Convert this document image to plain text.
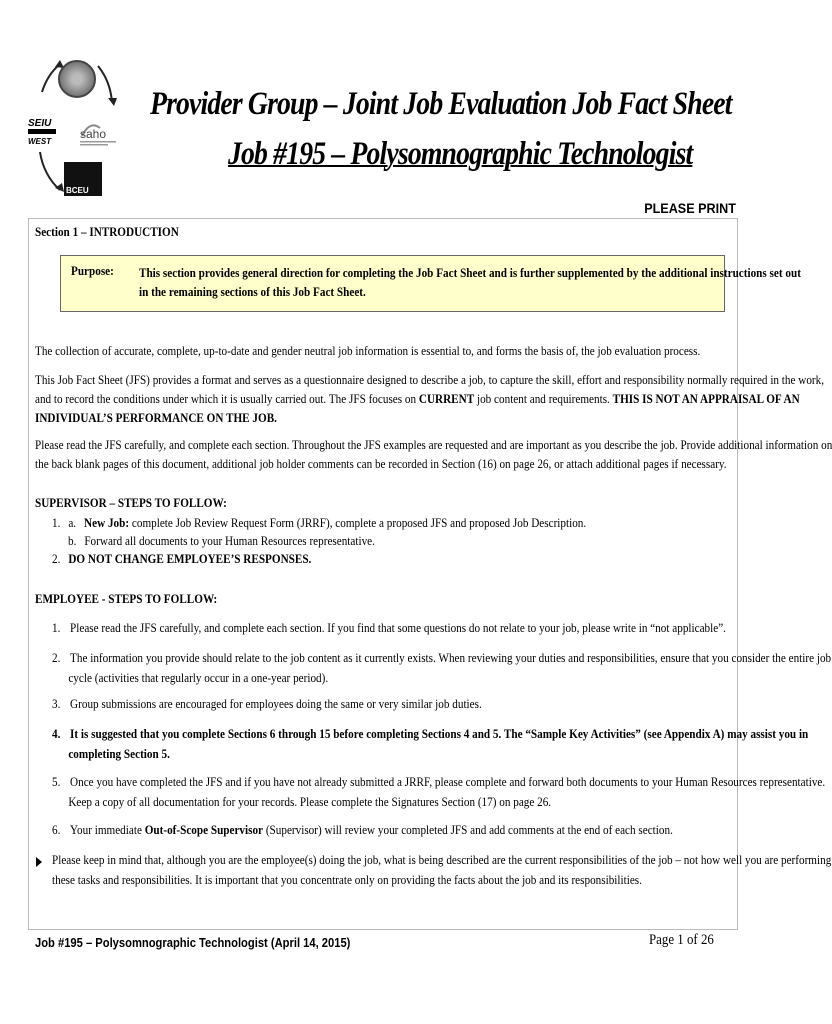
SEIU
WEST
saho
BCEU
Provider Group – Joint Job Evaluation Job Fact Sheet
Job #195 – Polysomnographic Technologist
PLEASE PRINT
Section 1 – INTRODUCTION
Purpose: This section provides general direction for completing the Job Fact Sheet and is further supplemented by the additional instructions set out
in the remaining sections of this Job Fact Sheet.
The collection of accurate, complete, up-to-date and gender neutral job information is essential to, and forms the basis of, the job evaluation process.
This Job Fact Sheet (JFS) provides a format and serves as a questionnaire designed to describe a job, to capture the skill, effort and responsibility normally required in the work,
and to record the conditions under which it is usually carried out. The JFS focuses on CURRENT job content and requirements. THIS IS NOT AN APPRAISAL OF AN
INDIVIDUAL’S PERFORMANCE ON THE JOB.
Please read the JFS carefully, and complete each section. Throughout the JFS examples are requested and are important as you describe the job. Provide additional information on
the back blank pages of this document, additional job holder comments can be recorded in Section (16) on page 26, or attach additional pages if necessary.
SUPERVISOR – STEPS TO FOLLOW:
1. a. New Job: complete Job Review Request Form (JRRF), complete a proposed JFS and proposed Job Description.
b. Forward all documents to your Human Resources representative.
2. DO NOT CHANGE EMPLOYEE’S RESPONSES.
EMPLOYEE - STEPS TO FOLLOW:
1. Please read the JFS carefully, and complete each section. If you find that some questions do not relate to your job, please write in “not applicable”.
2. The information you provide should relate to the job content as it currently exists. When reviewing your duties and responsibilities, ensure that you consider the entire job
cycle (activities that regularly occur in a one-year period).
3. Group submissions are encouraged for employees doing the same or very similar job duties.
4. It is suggested that you complete Sections 6 through 15 before completing Sections 4 and 5. The “Sample Key Activities” (see Appendix A) may assist you in
completing Section 5.
5. Once you have completed the JFS and if you have not already submitted a JRRF, please complete and forward both documents to your Human Resources representative.
Keep a copy of all documentation for your records. Please complete the Signatures Section (17) on page 26.
6. Your immediate Out-of-Scope Supervisor (Supervisor) will review your completed JFS and add comments at the end of each section.
Please keep in mind that, although you are the employee(s) doing the job, what is being described are the current responsibilities of the job – not how well you are performing
these tasks and responsibilities. It is important that you concentrate only on providing the facts about the job and its responsibilities.
Job #195 – Polysomnographic Technologist (April 14, 2015)	Page 1 of 26
